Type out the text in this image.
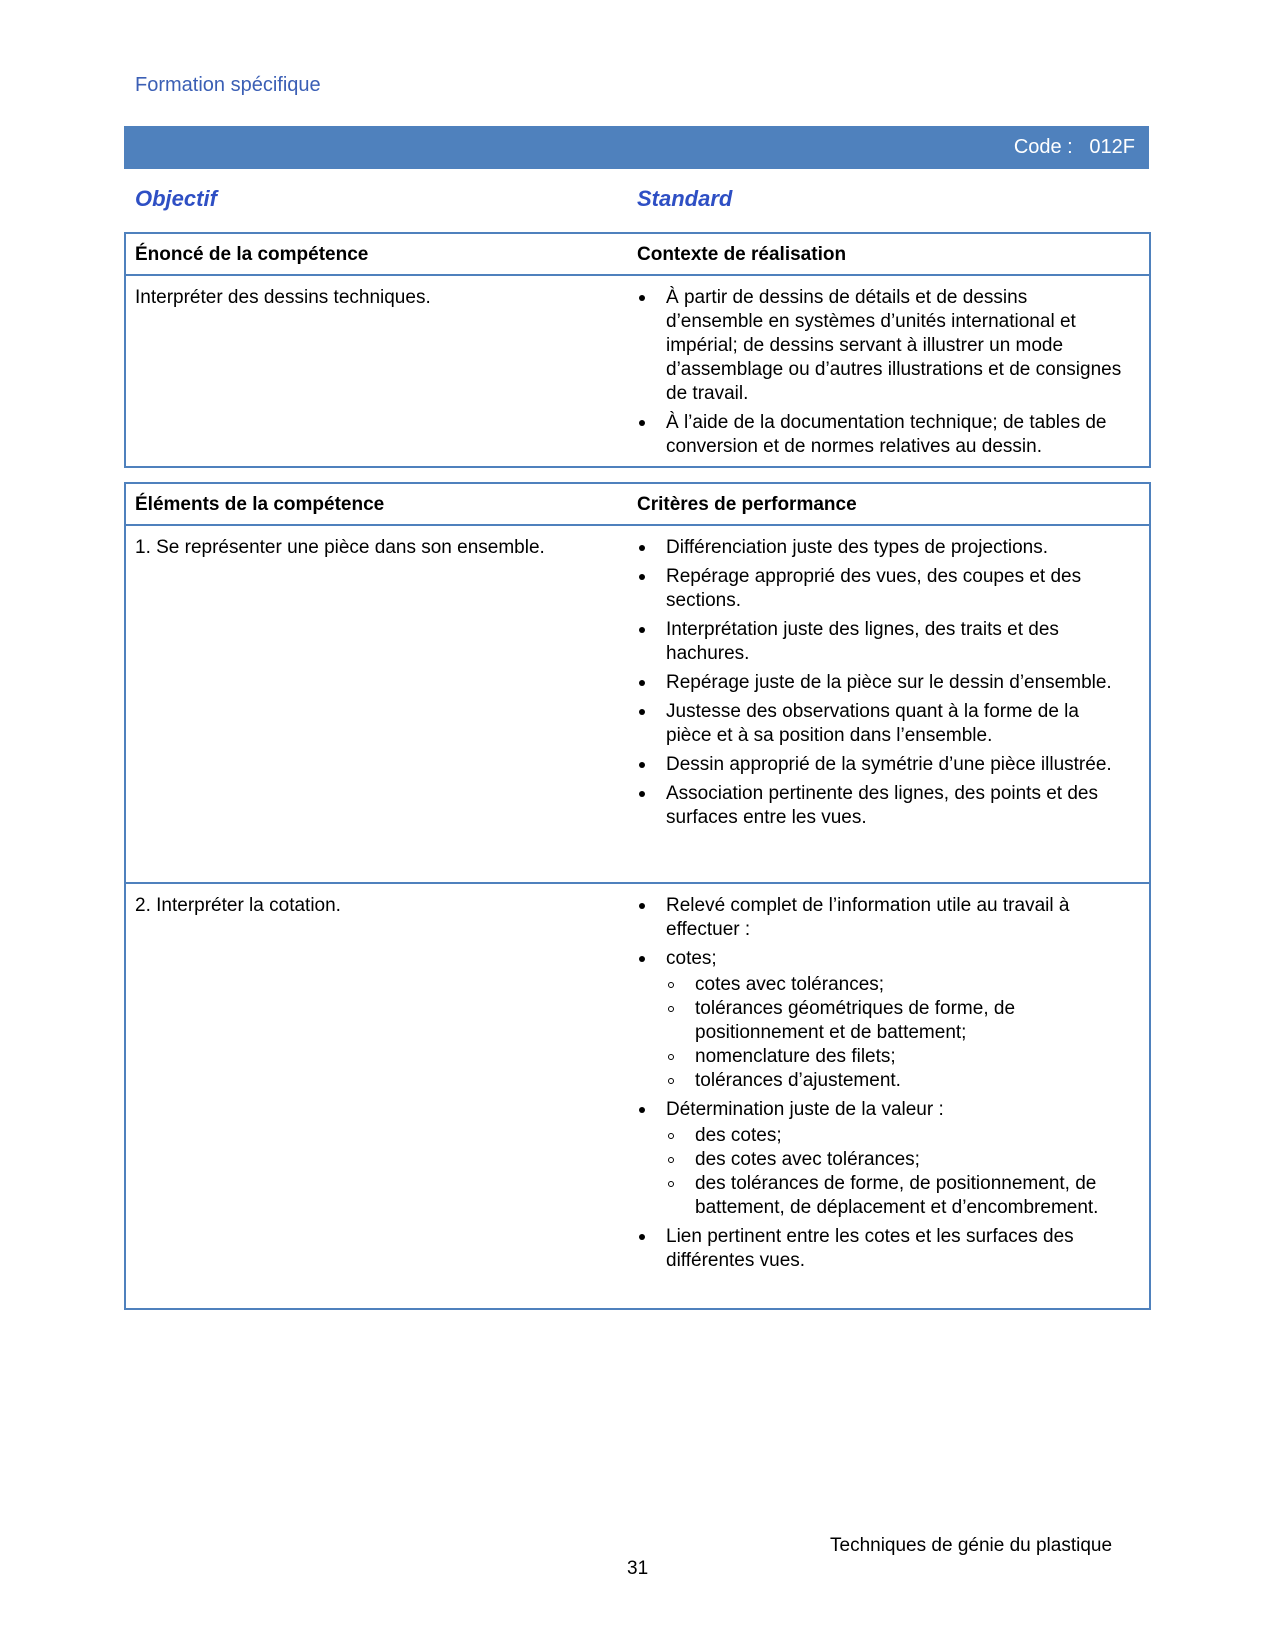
Formation spécifique
Code :   012F
Objectif	Standard
Énoncé de la compétence	Contexte de réalisation
Interpréter des dessins techniques.	À partir de dessins de détails et de dessins d’ensemble en systèmes d’unités international et impérial; de dessins servant à illustrer un mode d’assemblage ou d’autres illustrations et de consignes de travail.
À l’aide de la documentation technique; de tables de conversion et de normes relatives au dessin.
Éléments de la compétence	Critères de performance
1. Se représenter une pièce dans son ensemble.	Différenciation juste des types de projections.
Repérage approprié des vues, des coupes et des sections.
Interprétation juste des lignes, des traits et des hachures.
Repérage juste de la pièce sur le dessin d’ensemble.
Justesse des observations quant à la forme de la pièce et à sa position dans l’ensemble.
Dessin approprié de la symétrie d’une pièce illustrée.
Association pertinente des lignes, des points et des surfaces entre les vues.
2. Interpréter la cotation.	Relevé complet de l’information utile au travail à effectuer :
cotes;
cotes avec tolérances;
tolérances géométriques de forme, de positionnement et de battement;
nomenclature des filets;
tolérances d’ajustement.
Détermination juste de la valeur :
des cotes;
des cotes avec tolérances;
des tolérances de forme, de positionnement, de battement, de déplacement et d’encombrement.
Lien pertinent entre les cotes et les surfaces des différentes vues.
Techniques de génie du plastique
31
